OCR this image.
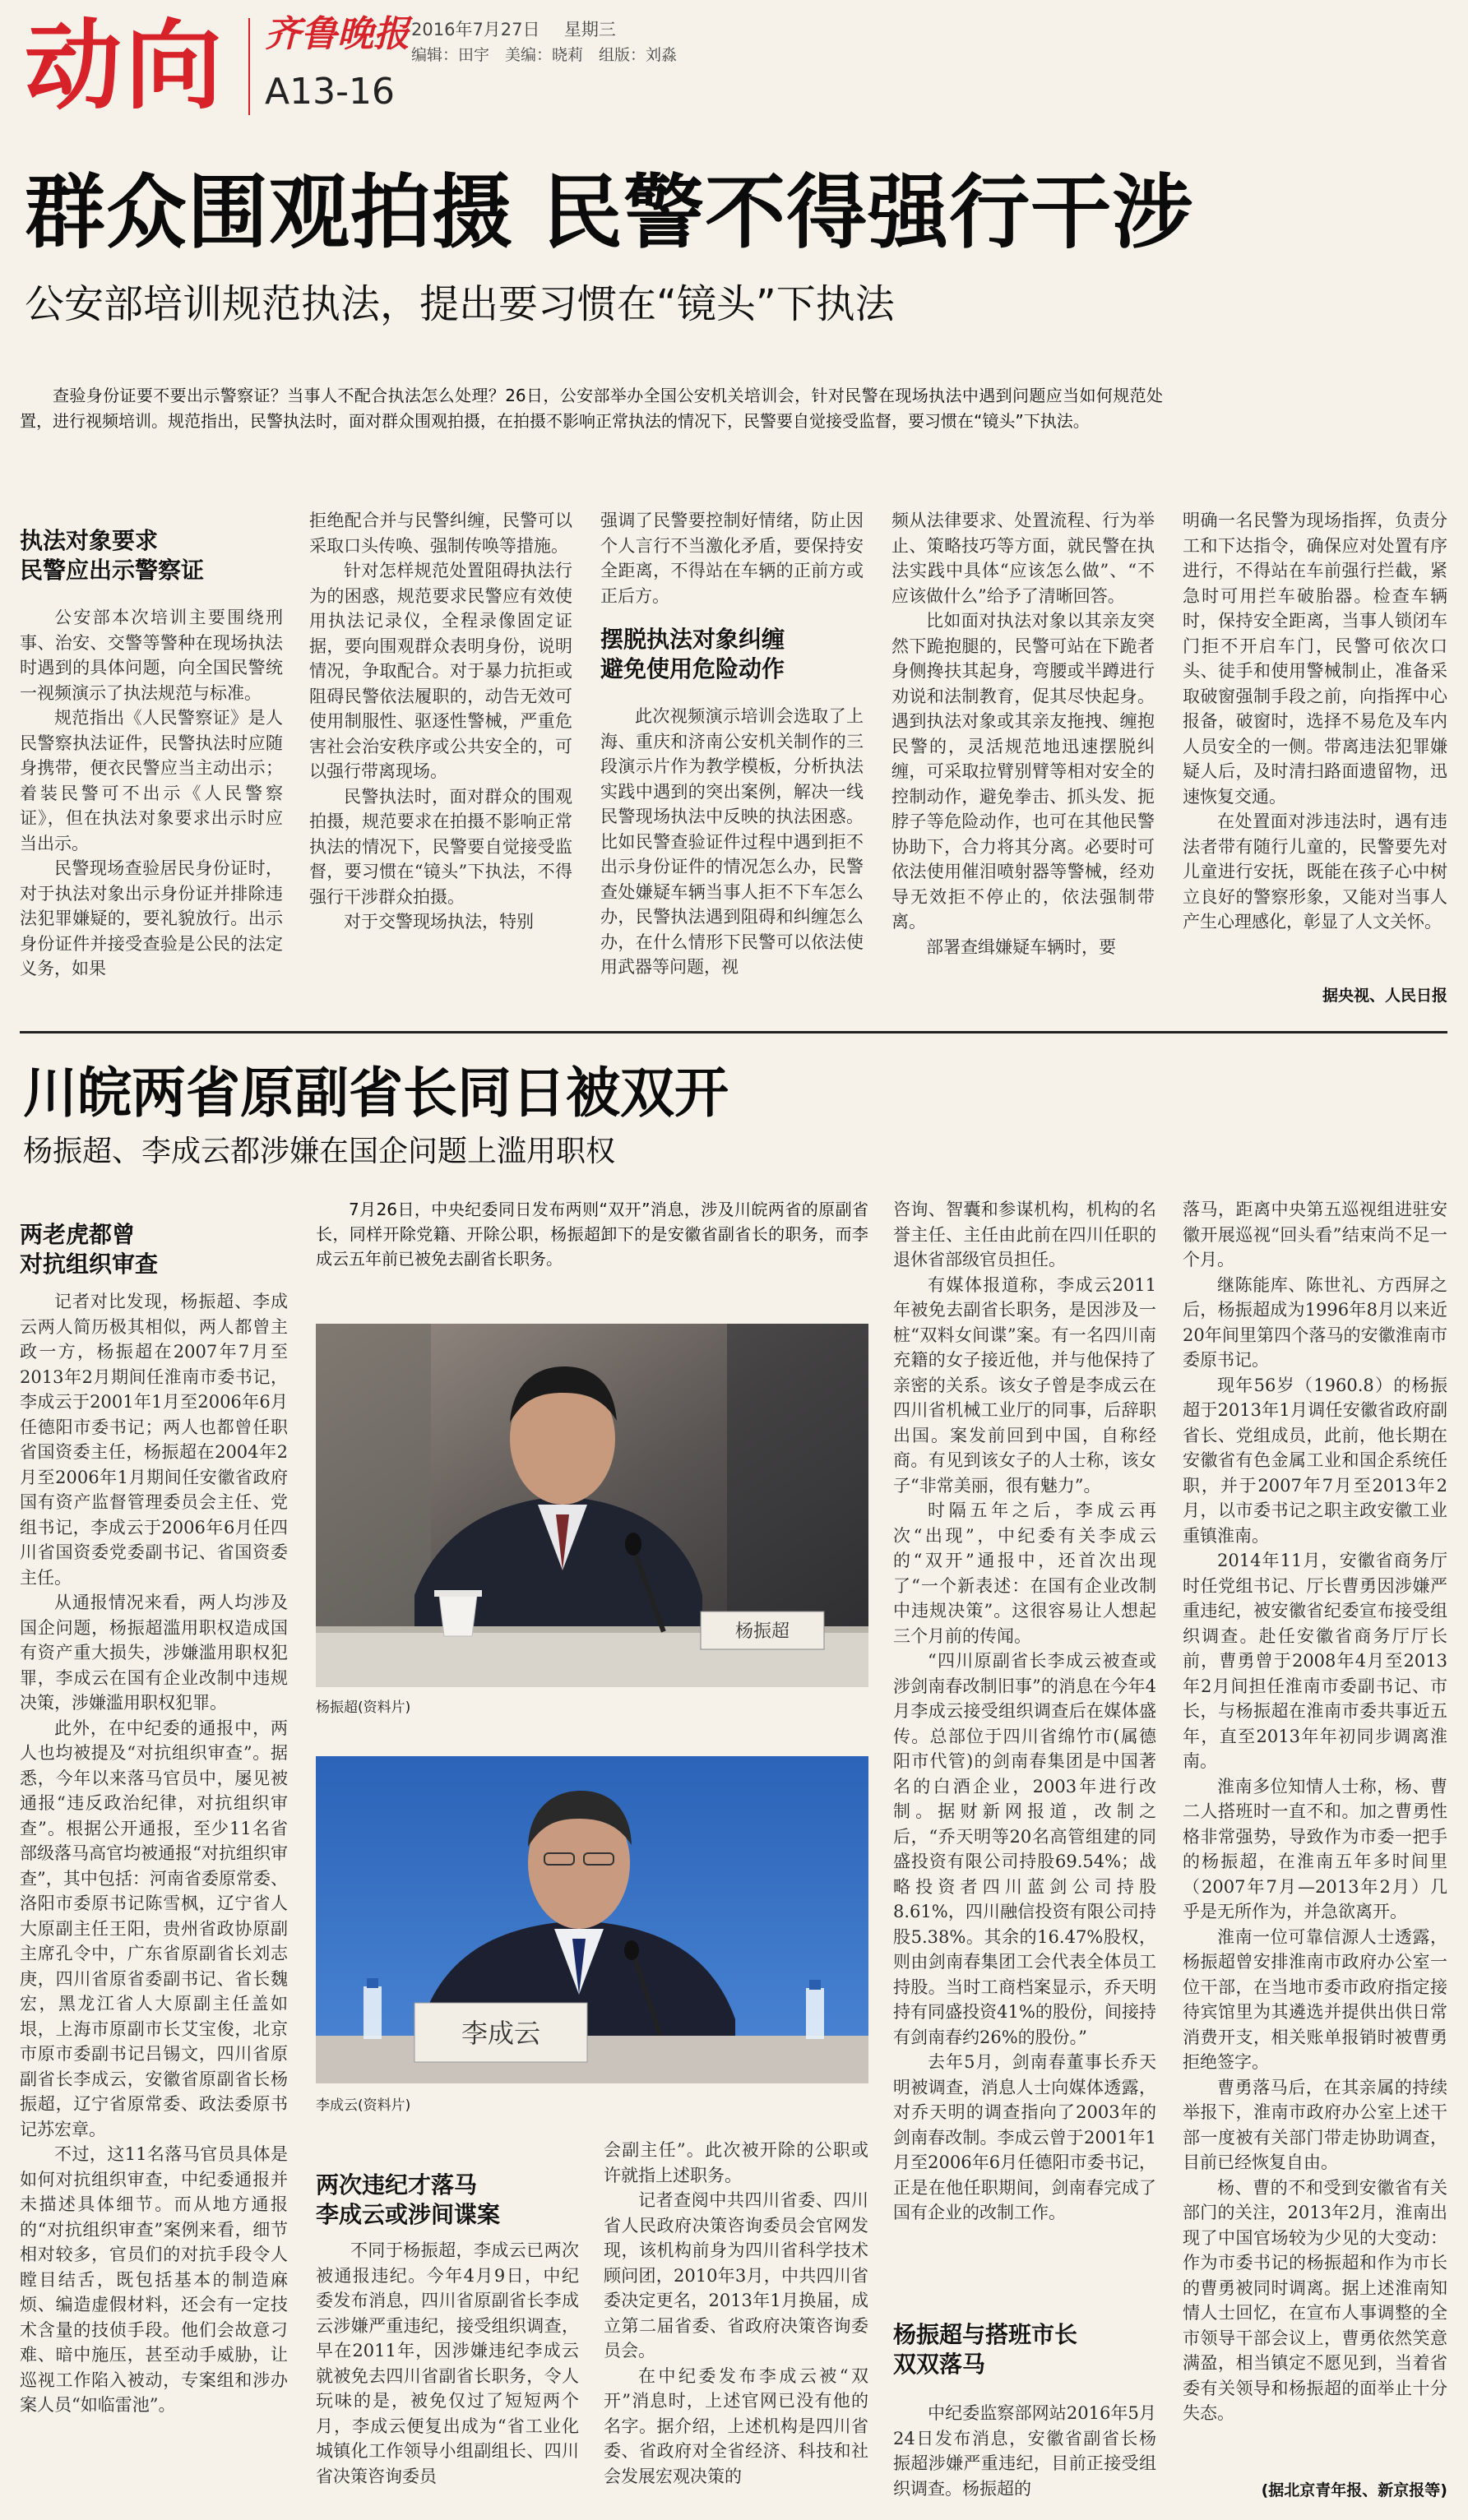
动向 齐鲁晚报 2016年7月27日 星期三
编辑：田宇　美编：晓莉　组版：刘淼
A13-16
群众围观拍摄 民警不得强行干涉
公安部培训规范执法，提出要习惯在“镜头”下执法
查验身份证要不要出示警察证？当事人不配合执法怎么处理？26日，公安部举办全国公安机关培训会，针对民警在现场执法中遇到问题应当如何规范处置，进行视频培训。规范指出，民警执法时，面对群众围观拍摄，在拍摄不影响正常执法的情况下，民警要自觉接受监督，要习惯在“镜头”下执法。
执法对象要求
民警应出示警察证

公安部本次培训主要围绕刑事、治安、交警等警种在现场执法时遇到的具体问题，向全国民警统一视频演示了执法规范与标准。

规范指出《人民警察证》是人民警察执法证件，民警执法时应随身携带，便衣民警应当主动出示；着装民警可不出示《人民警察证》，但在执法对象要求出示时应当出示。

民警现场查验居民身份证时，对于执法对象出示身份证并排除违法犯罪嫌疑的，要礼貌放行。出示身份证件并接受查验是公民的法定义务，如果

拒绝配合并与民警纠缠，民警可以采取口头传唤、强制传唤等措施。

针对怎样规范处置阻碍执法行为的困惑，规范要求民警应有效使用执法记录仪，全程录像固定证据，要向围观群众表明身份，说明情况，争取配合。对于暴力抗拒或阻碍民警依法履职的，动告无效可使用制服性、驱逐性警械，严重危害社会治安秩序或公共安全的，可以强行带离现场。

民警执法时，面对群众的围观拍摄，规范要求在拍摄不影响正常执法的情况下，民警要自觉接受监督，要习惯在“镜头”下执法，不得强行干涉群众拍摄。

对于交警现场执法，特别

强调了民警要控制好情绪，防止因个人言行不当激化矛盾，要保持安全距离，不得站在车辆的正前方或正后方。

摆脱执法对象纠缠
避免使用危险动作

此次视频演示培训会选取了上海、重庆和济南公安机关制作的三段演示片作为教学模板，分析执法实践中遇到的突出案例，解决一线民警现场执法中反映的执法困惑。比如民警查验证件过程中遇到拒不出示身份证件的情况怎么办，民警查处嫌疑车辆当事人拒不下车怎么办，民警执法遇到阻碍和纠缠怎么办，在什么情形下民警可以依法使用武器等问题，视

频从法律要求、处置流程、行为举止、策略技巧等方面，就民警在执法实践中具体“应该怎么做”、“不应该做什么”给予了清晰回答。

比如面对执法对象以其亲友突然下跪抱腿的，民警可站在下跪者身侧搀扶其起身，弯腰或半蹲进行劝说和法制教育，促其尽快起身。遇到执法对象或其亲友拖拽、缠抱民警的，灵活规范地迅速摆脱纠缠，可采取拉臂别臂等相对安全的控制动作，避免拳击、抓头发、扼脖子等危险动作，也可在其他民警协助下，合力将其分离。必要时可依法使用催泪喷射器等警械，经劝导无效拒不停止的，依法强制带离。

部署查缉嫌疑车辆时，要

明确一名民警为现场指挥，负责分工和下达指令，确保应对处置有序进行，不得站在车前强行拦截，紧急时可用拦车破胎器。检查车辆时，保持安全距离，当事人锁闭车门拒不开启车门，民警可依次口头、徒手和使用警械制止，准备采取破窗强制手段之前，向指挥中心报备，破窗时，选择不易危及车内人员安全的一侧。带离违法犯罪嫌疑人后，及时清扫路面遗留物，迅速恢复交通。

在处置面对涉违法时，遇有违法者带有随行儿童的，民警要先对儿童进行安抚，既能在孩子心中树立良好的警察形象，又能对当事人产生心理感化，彰显了人文关怀。

据央视、人民日报
川皖两省原副省长同日被双开
杨振超、李成云都涉嫌在国企问题上滥用职权
两老虎都曾
对抗组织审查

记者对比发现，杨振超、李成云两人简历极其相似，两人都曾主政一方，杨振超在2007年7月至2013年2月期间任淮南市委书记，李成云于2001年1月至2006年6月任德阳市委书记；两人也都曾任职省国资委主任，杨振超在2004年2月至2006年1月期间任安徽省政府国有资产监督管理委员会主任、党组书记，李成云于2006年6月任四川省国资委党委副书记、省国资委主任。

从通报情况来看，两人均涉及国企问题，杨振超滥用职权造成国有资产重大损失，涉嫌滥用职权犯罪，李成云在国有企业改制中违规决策，涉嫌滥用职权犯罪。

此外，在中纪委的通报中，两人也均被提及“对抗组织审查”。据悉，今年以来落马官员中，屡见被通报“违反政治纪律，对抗组织审查”。根据公开通报，至少11名省部级落马高官均被通报“对抗组织审查”，其中包括：河南省委原常委、洛阳市委原书记陈雪枫，辽宁省人大原副主任王阳，贵州省政协原副主席孔令中，广东省原副省长刘志庚，四川省原省委副书记、省长魏宏，黑龙江省人大原副主任盖如垠，上海市原副市长艾宝俊，北京市原市委副书记吕锡文，四川省原副省长李成云，安徽省原副省长杨振超，辽宁省原常委、政法委原书记苏宏章。

不过，这11名落马官员具体是如何对抗组织审查，中纪委通报并未描述具体细节。而从地方通报的“对抗组织审查”案例来看，细节相对较多，官员们的对抗手段令人瞠目结舌，既包括基本的制造麻烦、编造虚假材料，还会有一定技术含量的技侦手段。他们会故意刁难、暗中施压，甚至动手威胁，让巡视工作陷入被动，专案组和涉办案人员“如临雷池”。

7月26日，中央纪委同日发布两则“双开”消息，涉及川皖两省的原副省长，同样开除党籍、开除公职，杨振超卸下的是安徽省副省长的职务，而李成云五年前已被免去副省长职务。
杨振超
杨振超(资料片)
李成云
李成云(资料片)
两次违纪才落马
李成云或涉间谍案

不同于杨振超，李成云已两次被通报违纪。今年4月9日，中纪委发布消息，四川省原副省长李成云涉嫌严重违纪，接受组织调查，早在2011年，因涉嫌违纪李成云就被免去四川省副省长职务，令人玩味的是，被免仅过了短短两个月，李成云便复出成为“省工业化城镇化工作领导小组副组长、四川省决策咨询委员

会副主任”。此次被开除的公职或许就指上述职务。

记者查阅中共四川省委、四川省人民政府决策咨询委员会官网发现，该机构前身为四川省科学技术顾问团，2010年3月，中共四川省委决定更名，2013年1月换届，成立第二届省委、省政府决策咨询委员会。

在中纪委发布李成云被“双开”消息时，上述官网已没有他的名字。据介绍，上述机构是四川省委、省政府对全省经济、科技和社会发展宏观决策的

咨询、智囊和参谋机构，机构的名誉主任、主任由此前在四川任职的退休省部级官员担任。

有媒体报道称，李成云2011年被免去副省长职务，是因涉及一桩“双料女间谍”案。有一名四川南充籍的女子接近他，并与他保持了亲密的关系。该女子曾是李成云在四川省机械工业厅的同事，后辞职出国。案发前回到中国，自称经商。有见到该女子的人士称，该女子“非常美丽，很有魅力”。

时隔五年之后，李成云再次“出现”，中纪委有关李成云的“双开”通报中，还首次出现了“一个新表述：在国有企业改制中违规决策”。这很容易让人想起三个月前的传闻。

“四川原副省长李成云被查或涉剑南春改制旧事”的消息在今年4月李成云接受组织调查后在媒体盛传。总部位于四川省绵竹市(属德阳市代管)的剑南春集团是中国著名的白酒企业，2003年进行改制。据财新网报道，改制之后，“乔天明等20名高管组建的同盛投资有限公司持股69.54%；战略投资者四川蓝剑公司持股8.61%，四川融信投资有限公司持股5.38%。其余的16.47%股权，则由剑南春集团工会代表全体员工持股。当时工商档案显示，乔天明持有同盛投资41%的股份，间接持有剑南春约26%的股份。”

去年5月，剑南春董事长乔天明被调查，消息人士向媒体透露，对乔天明的调查指向了2003年的剑南春改制。李成云曾于2001年1月至2006年6月任德阳市委书记，正是在他任职期间，剑南春完成了国有企业的改制工作。

杨振超与搭班市长
双双落马

中纪委监察部网站2016年5月24日发布消息，安徽省副省长杨振超涉嫌严重违纪，目前正接受组织调查。杨振超的

落马，距离中央第五巡视组进驻安徽开展巡视“回头看”结束尚不足一个月。

继陈能库、陈世礼、方西屏之后，杨振超成为1996年8月以来近20年间里第四个落马的安徽淮南市委原书记。

现年56岁（1960.8）的杨振超于2013年1月调任安徽省政府副省长、党组成员，此前，他长期在安徽省有色金属工业和国企系统任职，并于2007年7月至2013年2月，以市委书记之职主政安徽工业重镇淮南。

2014年11月，安徽省商务厅时任党组书记、厅长曹勇因涉嫌严重违纪，被安徽省纪委宣布接受组织调查。赴任安徽省商务厅厅长前，曹勇曾于2008年4月至2013年2月间担任淮南市委副书记、市长，与杨振超在淮南市委共事近五年，直至2013年年初同步调离淮南。

淮南多位知情人士称，杨、曹二人搭班时一直不和。加之曹勇性格非常强势，导致作为市委一把手的杨振超，在淮南五年多时间里（2007年7月—2013年2月）几乎是无所作为，并急欲离开。

淮南一位可靠信源人士透露，杨振超曾安排淮南市政府办公室一位干部，在当地市委市政府指定接待宾馆里为其遴选并提供出供日常消费开支，相关账单报销时被曹勇拒绝签字。

曹勇落马后，在其亲属的持续举报下，淮南市政府办公室上述干部一度被有关部门带走协助调查，目前已经恢复自由。

杨、曹的不和受到安徽省有关部门的关注，2013年2月，淮南出现了中国官场较为少见的大变动：作为市委书记的杨振超和作为市长的曹勇被同时调离。据上述淮南知情人士回忆，在宣布人事调整的全市领导干部会议上，曹勇依然笑意满盈，相当镇定不愿见到，当着省委有关领导和杨振超的面举止十分失态。

(据北京青年报、新京报等)
